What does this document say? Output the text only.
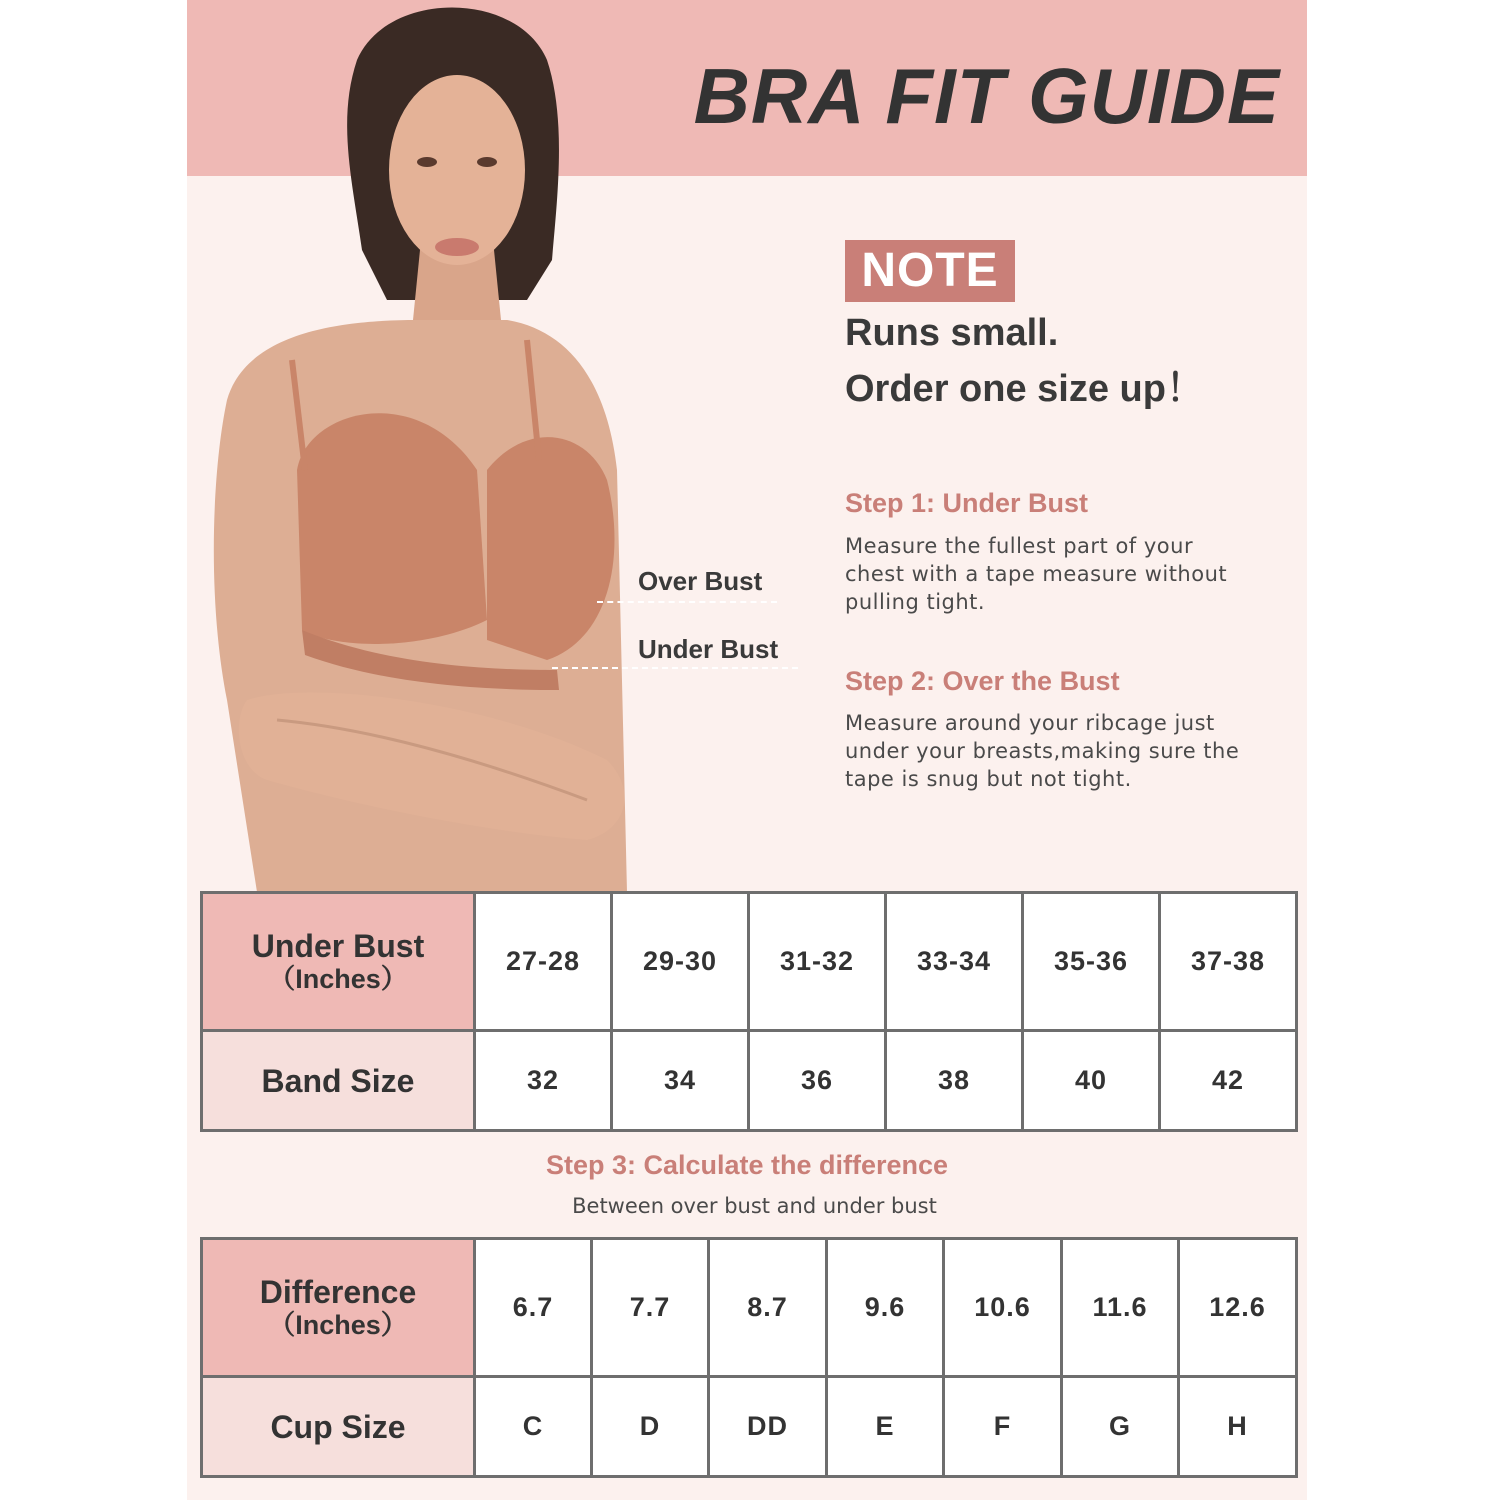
BRA FIT GUIDE
NOTE
Runs small.
Order one size up！
Over Bust
Under Bust
Step 1: Under Bust
Measure the fullest part of your chest with a tape measure without pulling tight.
Step 2: Over the Bust
Measure around your ribcage just under your breasts,making sure the tape is snug but not tight.
Under Bust
（Inches）	27-28	29-30	31-32	33-34	35-36	37-38

Band Size	32	34	36	38	40	42
Step 3: Calculate the difference
Between over bust and under bust
Difference
（Inches）	6.7	7.7	8.7	9.6	10.6	11.6	12.6

Cup Size	C	D	DD	E	F	G	H
